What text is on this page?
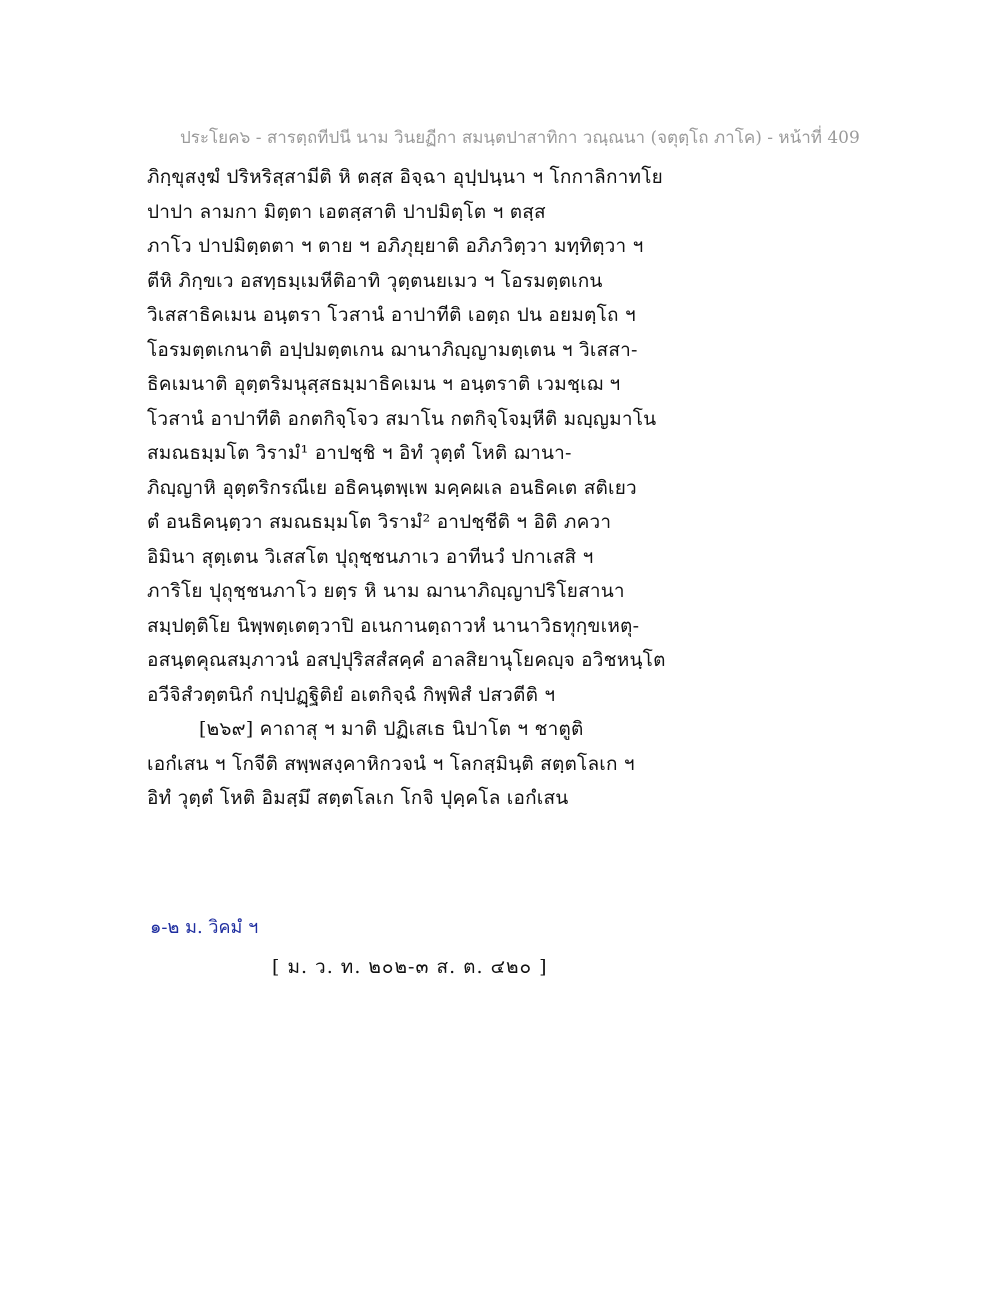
ประโยค๖ - สารตฺถทีปนี นาม วินยฏีกา สมนฺตปาสาทิกา วณฺณนา (จตุตฺโถ ภาโค) - หน้าที่ 409
ภิกฺขุสงฺฆํ ปริหริสฺสามีติ หิ ตสฺส อิจฺฉา อุปฺปนฺนา ฯ โกกาลิกาทโย
ปาปา ลามกา มิตฺตา เอตสฺสาติ ปาปมิตฺโต ฯ ตสฺส
ภาโว ปาปมิตฺตตา ฯ ตาย ฯ อภิภุยฺยาติ อภิภวิตฺวา มทฺทิตฺวา ฯ
ตีหิ ภิกฺขเว อสทฺธมฺเมหีติอาทิ วุตฺตนยเมว ฯ โอรมตฺตเกน
วิเสสาธิคเมน อนฺตรา โวสานํ อาปาทีติ เอตฺถ ปน อยมตฺโถ ฯ
โอรมตฺตเกนาติ อปฺปมตฺตเกน ฌานาภิญฺญามตฺเตน ฯ วิเสสา-
ธิคเมนาติ อุตฺตริมนุสฺสธมฺมาธิคเมน ฯ อนฺตราติ เวมชฺเฌ ฯ
โวสานํ อาปาทีติ อกตกิจฺโจว สมาโน กตกิจฺโจมฺหีติ มญฺญมาโน
สมณธมฺมโต วิรามํ¹ อาปชฺชิ ฯ อิทํ วุตฺตํ โหติ ฌานา-
ภิญฺญาหิ อุตฺตริกรณีเย อธิคนฺตพฺเพ มคฺคผเล อนธิคเต สติเยว
ตํ อนธิคนฺตฺวา สมณธมฺมโต วิรามํ² อาปชฺชีติ ฯ อิติ ภควา
อิมินา สุตฺเตน วิเสสโต ปุถุชฺชนภาเว อาทีนวํ ปกาเสสิ ฯ
ภาริโย ปุถุชฺชนภาโว ยตฺร หิ นาม ฌานาภิญฺญาปริโยสานา
สมฺปตฺติโย นิพฺพตฺเตตฺวาปิ อเนกานตฺถาวหํ นานาวิธทุกฺขเหตุ-
อสนฺตคุณสมฺภาวนํ อสปฺปุริสสํสคฺคํ อาลสิยานุโยคญฺจ อวิชหนฺโต
อวีจิสํวตฺตนิกํ กปฺปฏฺฐิติยํ อเตกิจฺฉํ กิพฺพิสํ ปสวตีติ ฯ
[๒๖๙] คาถาสุ ฯ มาติ ปฏิเสเธ นิปาโต ฯ ชาตูติ
เอกํเสน ฯ โกจีติ สพฺพสงฺคาหิกวจนํ ฯ โลกสฺมินฺติ สตฺตโลเก ฯ
อิทํ วุตฺตํ โหติ อิมสฺมึ สตฺตโลเก โกจิ ปุคฺคโล เอกํเสน
๑-๒ ม. วิคมํ ฯ
[ ม. ว. ท. ๒๐๒-๓ ส. ต. ๔๒๐ ]
